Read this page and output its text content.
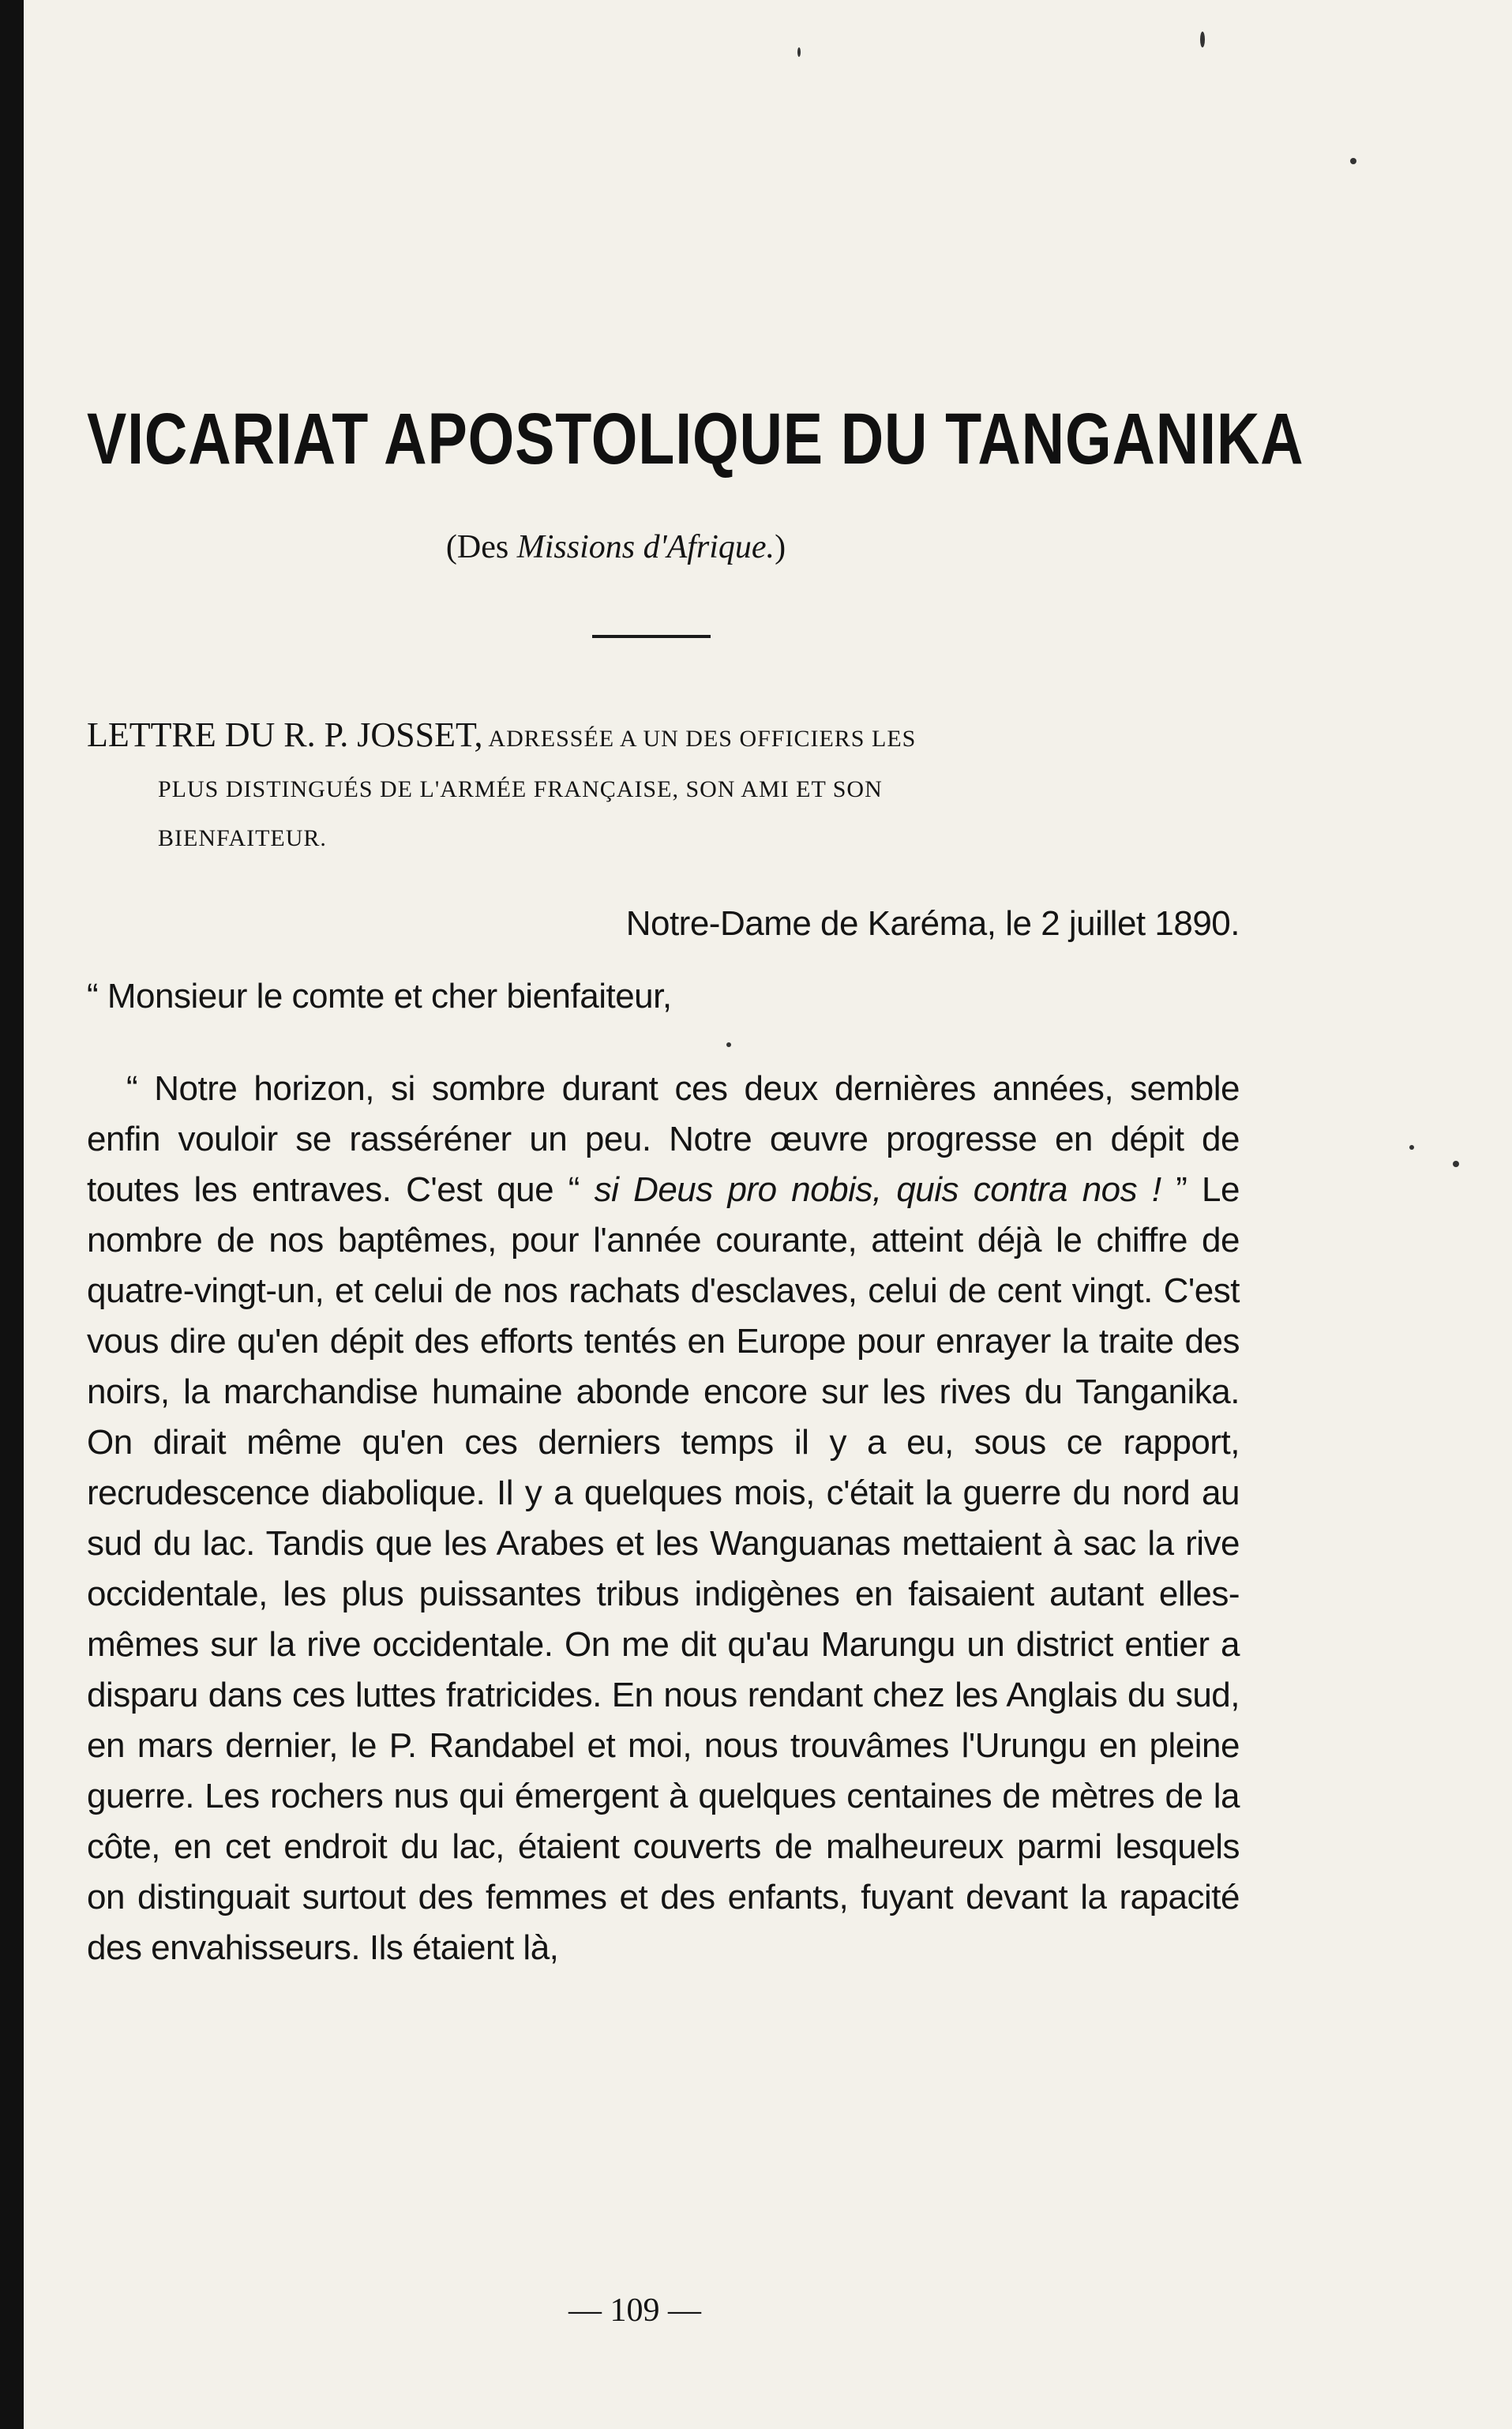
VICARIAT APOSTOLIQUE DU TANGANIKA
(Des Missions d'Afrique.)
LETTRE DU R. P. JOSSET, ADRESSÉE A UN DES OFFICIERS LES
PLUS DISTINGUÉS DE L'ARMÉE FRANÇAISE, SON AMI ET SON
BIENFAITEUR.
Notre-Dame de Karéma, le 2 juillet 1890.
“ Monsieur le comte et cher bienfaiteur,

“ Notre horizon, si sombre durant ces deux dernières années, semble enfin vouloir se rasséréner un peu. Notre œuvre progresse en dépit de toutes les entraves. C'est que “ si Deus pro nobis, quis contra nos ! ” Le nombre de nos baptêmes, pour l'année courante, atteint déjà le chiffre de quatre-vingt-un, et celui de nos rachats d'esclaves, celui de cent vingt. C'est vous dire qu'en dépit des efforts tentés en Europe pour enrayer la traite des noirs, la marchandise humaine abonde encore sur les rives du Tanganika. On dirait même qu'en ces derniers temps il y a eu, sous ce rapport, recrudescence diabolique. Il y a quelques mois, c'était la guerre du nord au sud du lac. Tandis que les Arabes et les Wanguanas mettaient à sac la rive occidentale, les plus puissantes tribus indigènes en faisaient autant elles-mêmes sur la rive occidentale. On me dit qu'au Marungu un district entier a disparu dans ces luttes fratricides. En nous rendant chez les Anglais du sud, en mars dernier, le P. Randabel et moi, nous trouvâmes l'Urungu en pleine guerre. Les rochers nus qui émergent à quelques centaines de mètres de la côte, en cet endroit du lac, étaient couverts de malheureux parmi lesquels on distinguait surtout des femmes et des enfants, fuyant devant la rapacité des envahisseurs. Ils étaient là,

— 109 —
